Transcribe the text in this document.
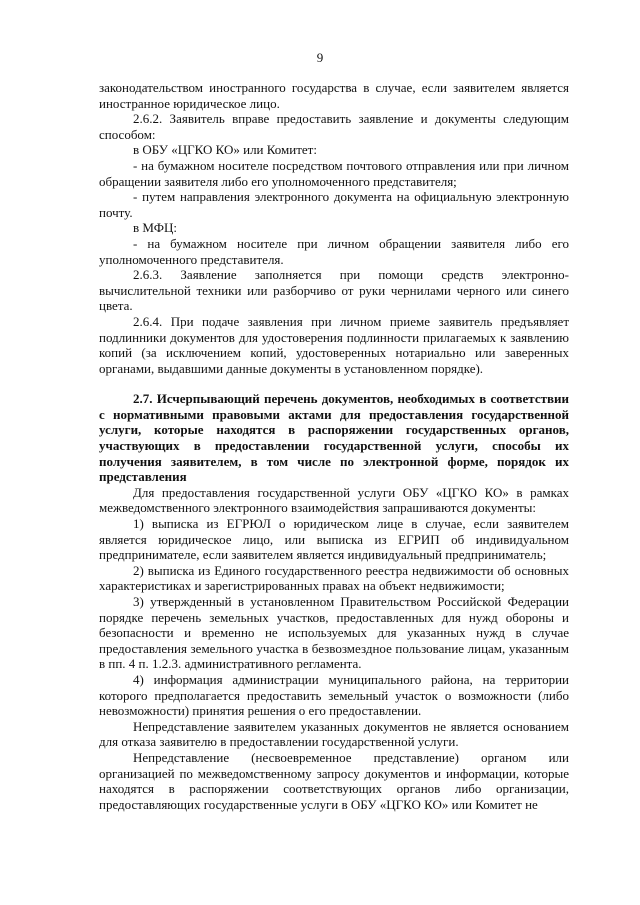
9

законодательством иностранного государства в случае, если заявителем является иностранное юридическое лицо.

2.6.2. Заявитель вправе предоставить заявление и документы следующим способом:

в ОБУ «ЦГКО КО» или Комитет:

- на бумажном носителе посредством почтового отправления или при личном обращении заявителя либо его уполномоченного представителя;

- путем направления электронного документа на официальную электронную почту.

в МФЦ:

- на бумажном носителе при личном обращении заявителя либо его уполномоченного представителя.

2.6.3. Заявление заполняется при помощи средств электронно-вычислительной техники или разборчиво от руки чернилами черного или синего цвета.

2.6.4. При подаче заявления при личном приеме заявитель предъявляет подлинники документов для удостоверения подлинности прилагаемых к заявлению копий (за исключением копий, удостоверенных нотариально или заверенных органами, выдавшими данные документы в установленном порядке).

2.7. Исчерпывающий перечень документов, необходимых в соответствии с нормативными правовыми актами для предоставления государственной услуги, которые находятся в распоряжении государственных органов, участвующих в предоставлении государственной услуги, способы их получения заявителем, в том числе по электронной форме, порядок их представления

Для предоставления государственной услуги ОБУ «ЦГКО КО» в рамках межведомственного электронного взаимодействия запрашиваются документы:

1) выписка из ЕГРЮЛ о юридическом лице в случае, если заявителем является юридическое лицо, или выписка из ЕГРИП об индивидуальном предпринимателе, если заявителем является индивидуальный предприниматель;

2) выписка из Единого государственного реестра недвижимости об основных характеристиках и зарегистрированных правах на объект недвижимости;

3) утвержденный в установленном Правительством Российской Федерации порядке перечень земельных участков, предоставленных для нужд обороны и безопасности и временно не используемых для указанных нужд в случае предоставления земельного участка в безвозмездное пользование лицам, указанным в пп. 4 п. 1.2.3. административного регламента.

4) информация администрации муниципального района, на территории которого предполагается предоставить земельный участок о возможности (либо невозможности) принятия решения о его предоставлении.

Непредставление заявителем указанных документов не является основанием для отказа заявителю в предоставлении государственной услуги.

Непредставление (несвоевременное представление) органом или организацией по межведомственному запросу документов и информации, которые находятся в распоряжении соответствующих органов либо организации, предоставляющих государственные услуги в ОБУ «ЦГКО КО» или Комитет не
